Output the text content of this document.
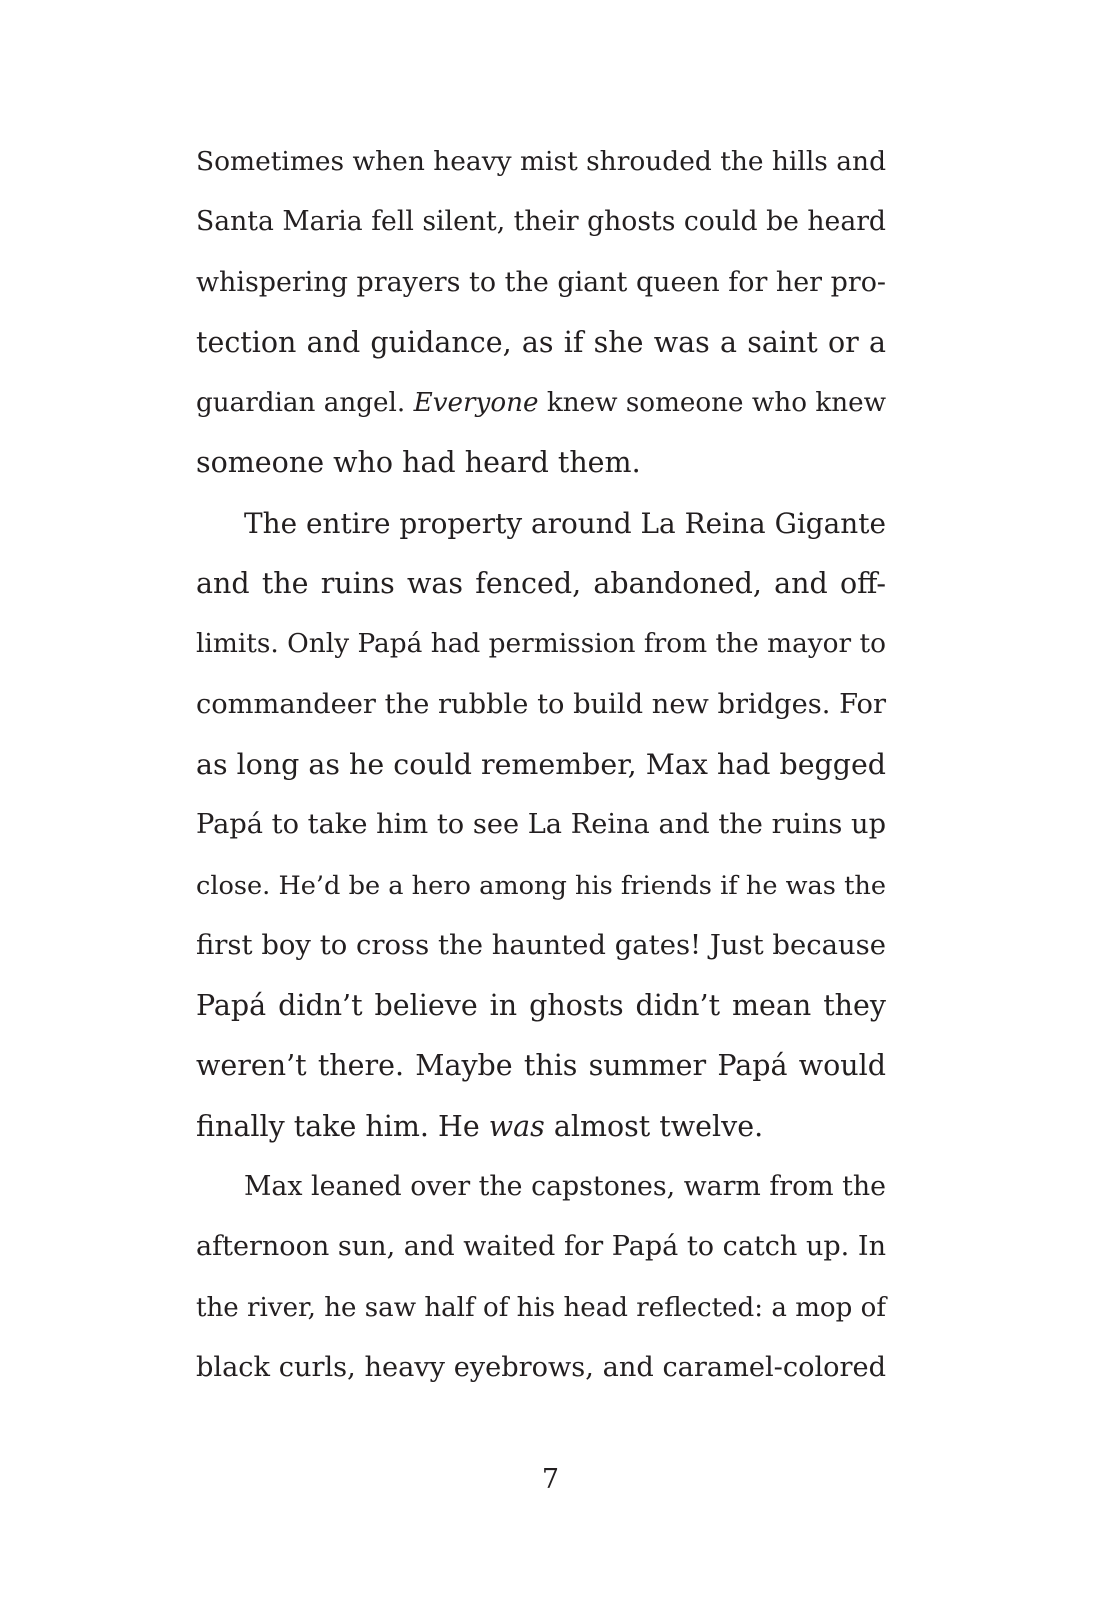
Sometimes when heavy mist shrouded the hills and
Santa Maria fell silent, their ghosts could be heard
whispering prayers to the giant queen for her pro-
tection and guidance, as if she was a saint or a
guardian angel. Everyone knew someone who knew
someone who had heard them.
The entire property around La Reina Gigante
and the ruins was fenced, abandoned, and off-
limits. Only Papá had permission from the mayor to
commandeer the rubble to build new bridges. For
as long as he could remember, Max had begged
Papá to take him to see La Reina and the ruins up
close. He’d be a hero among his friends if he was the
first boy to cross the haunted gates! Just because
Papá didn’t believe in ghosts didn’t mean they
weren’t there. Maybe this summer Papá would
finally take him. He was almost twelve.
Max leaned over the capstones, warm from the
afternoon sun, and waited for Papá to catch up. In
the river, he saw half of his head reflected: a mop of
black curls, heavy eyebrows, and caramel-colored
7
